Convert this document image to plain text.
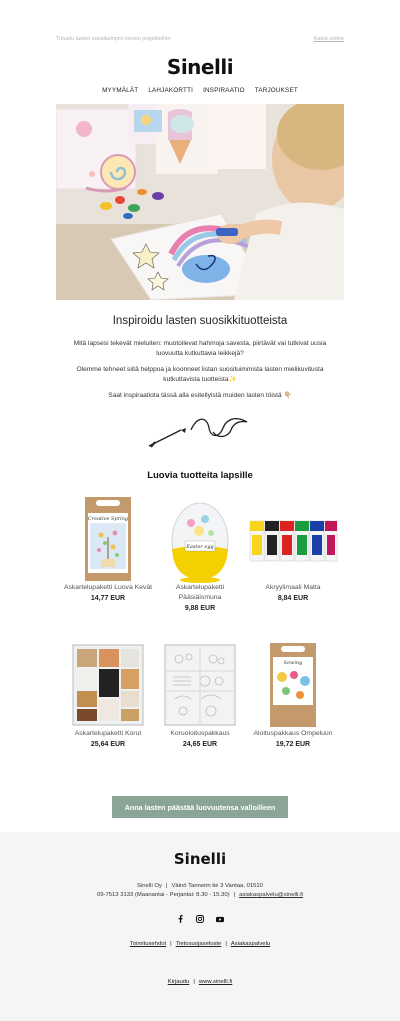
Tutustu lasten suosituimpiin luoviin projekteihin	Katso online
Sinelli
MYYMÄLÄT LAHJAKORTTI INSPIRAATIO TARJOUKSET
Inspiroidu lasten suosikkituotteista

Mitä lapsesi tekevät mieluiten: muotoilevat hahmoja savesta, piirtävät vai tutkivat uusia luovuutta kutkuttavia leikkejä?

Olemme tehneet siitä helppoa ja koonneet listan suosituimmista lasten mielikuvitusta kutkuttavista tuotteista✨

Saat inspiraatiota tässä alla esitellyistä muiden lasten töistä 👇🏼

Luovia tuotteita lapsille
Creative Spring
Askartelupaketti Luova Kevät
14,77 EUR
Easter egg
Askartelupaketti Pääsiäismuna
9,88 EUR
Akryylimaali Matta
8,84 EUR
Askartelupaketti Korut
25,64 EUR
Koruoloituspakkaus
24,65 EUR
Sewing
Aloituspakkaus Ompeluun
19,72 EUR
Anna lasten päästää luovuutensa valloilleen
Sinelli
Sinelli Oy | Väinö Tannerin tie 3 Vantaa, 01510
09-7513 3133 (Maanantai - Perjantai: 8.30 - 15.30) | asiakaspalvelu@sinelli.fi
Toimitusehdot | Tietosuojaseloste | Asiakaspalvelu
Kirjaudu | www.sinelli.fi
